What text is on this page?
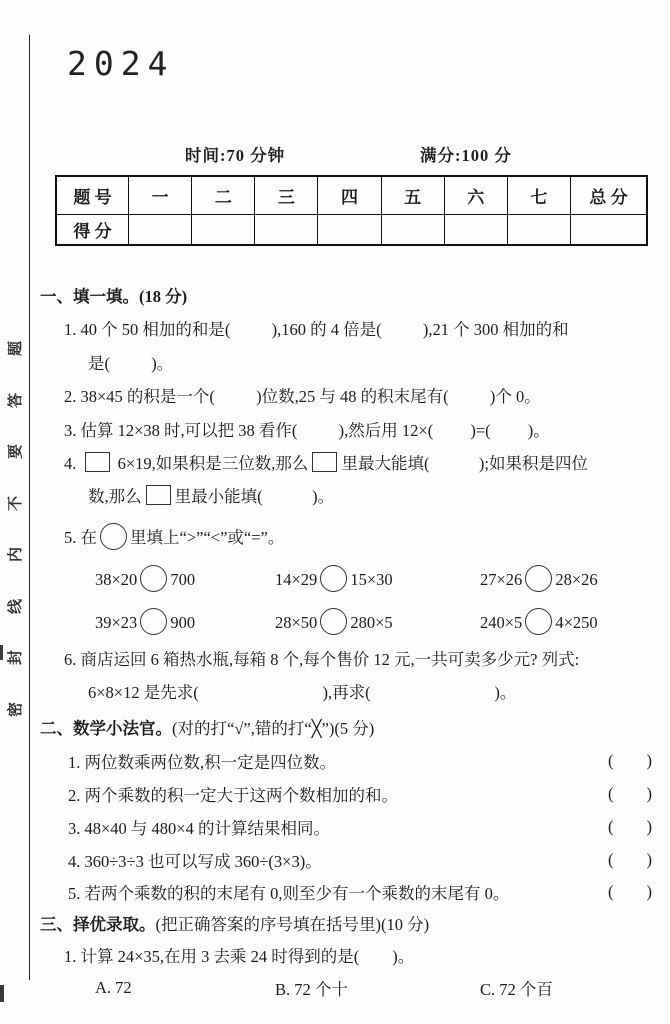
题
答
要
不
内
线
封
密
2024
时间:70 分钟	满分:100 分
题 号	一	二	三	四	五	六	七	总 分
得 分								
一、填一填。(18 分)
1. 40 个 50 相加的和是(          ),160 的 4 倍是(          ),21 个 300 相加的和
是(          )。
2. 38×45 的积是一个(          )位数,25 与 48 的积末尾有(          )个 0。
3. 估算 12×38 时,可以把 38 看作(          ),然后用 12×(         )=(         )。
4.  6×19,如果积是三位数,那么 里最大能填(            );如果积是四位
数,那么 里最小能填(            )。
5. 在 里填上“>”“<”或“=”。
38×20 700	14×29 15×30	27×26 28×26
39×23 900	28×50 280×5	240×5 4×250
6. 商店运回 6 箱热水瓶,每箱 8 个,每个售价 12 元,一共可卖多少元? 列式:
6×8×12 是先求(                              ),再求(                              )。
二、数学小法官。(对的打“√”,错的打“╳”)(5 分)
1. 两位数乘两位数,积一定是四位数。	(        )
2. 两个乘数的积一定大于这两个数相加的和。	(        )
3. 48×40 与 480×4 的计算结果相同。	(        )
4. 360÷3÷3 也可以写成 360÷(3×3)。	(        )
5. 若两个乘数的积的末尾有 0,则至少有一个乘数的末尾有 0。	(        )
三、择优录取。(把正确答案的序号填在括号里)(10 分)
1. 计算 24×35,在用 3 去乘 24 时得到的是(        )。
A. 72	B. 72 个十	C. 72 个百
